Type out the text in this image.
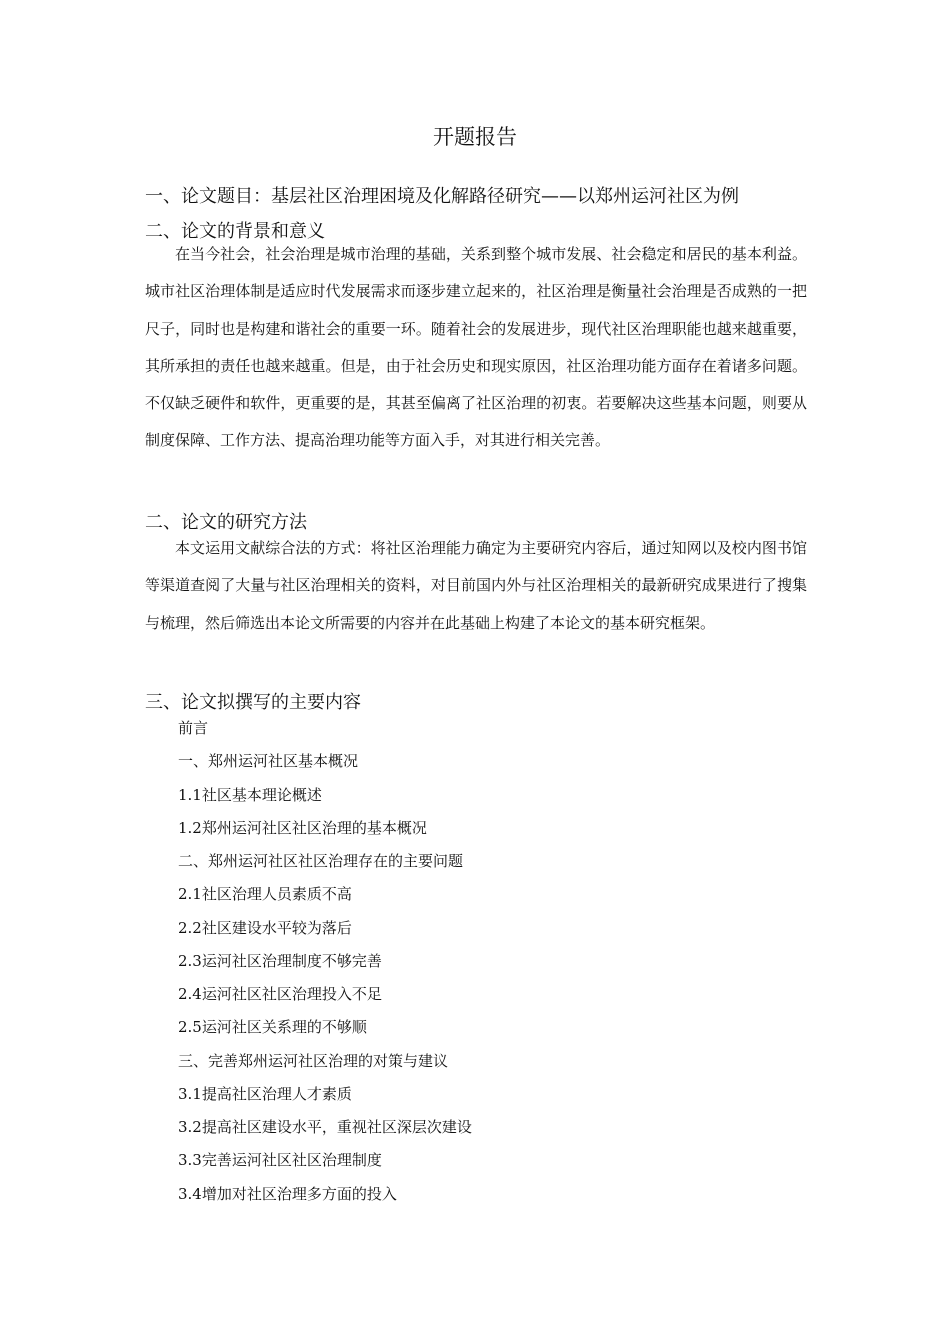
开题报告
一、论文题目：基层社区治理困境及化解路径研究——以郑州运河社区为例
二、论文的背景和意义

在当今社会，社会治理是城市治理的基础，关系到整个城市发展、社会稳定和居民的基本利益。城市社区治理体制是适应时代发展需求而逐步建立起来的，社区治理是衡量社会治理是否成熟的一把尺子，同时也是构建和谐社会的重要一环。随着社会的发展进步，现代社区治理职能也越来越重要，其所承担的责任也越来越重。但是，由于社会历史和现实原因，社区治理功能方面存在着诸多问题。不仅缺乏硬件和软件，更重要的是，其甚至偏离了社区治理的初衷。若要解决这些基本问题，则要从制度保障、工作方法、提高治理功能等方面入手，对其进行相关完善。

二、论文的研究方法

本文运用文献综合法的方式：将社区治理能力确定为主要研究内容后，通过知网以及校内图书馆等渠道查阅了大量与社区治理相关的资料，对目前国内外与社区治理相关的最新研究成果进行了搜集与梳理，然后筛选出本论文所需要的内容并在此基础上构建了本论文的基本研究框架。

三、论文拟撰写的主要内容
前言
一、郑州运河社区基本概况
1.1社区基本理论概述
1.2郑州运河社区社区治理的基本概况
二、郑州运河社区社区治理存在的主要问题
2.1社区治理人员素质不高
2.2社区建设水平较为落后
2.3运河社区治理制度不够完善
2.4运河社区社区治理投入不足
2.5运河社区关系理的不够顺
三、完善郑州运河社区治理的对策与建议
3.1提高社区治理人才素质
3.2提高社区建设水平，重视社区深层次建设
3.3完善运河社区社区治理制度
3.4增加对社区治理多方面的投入
